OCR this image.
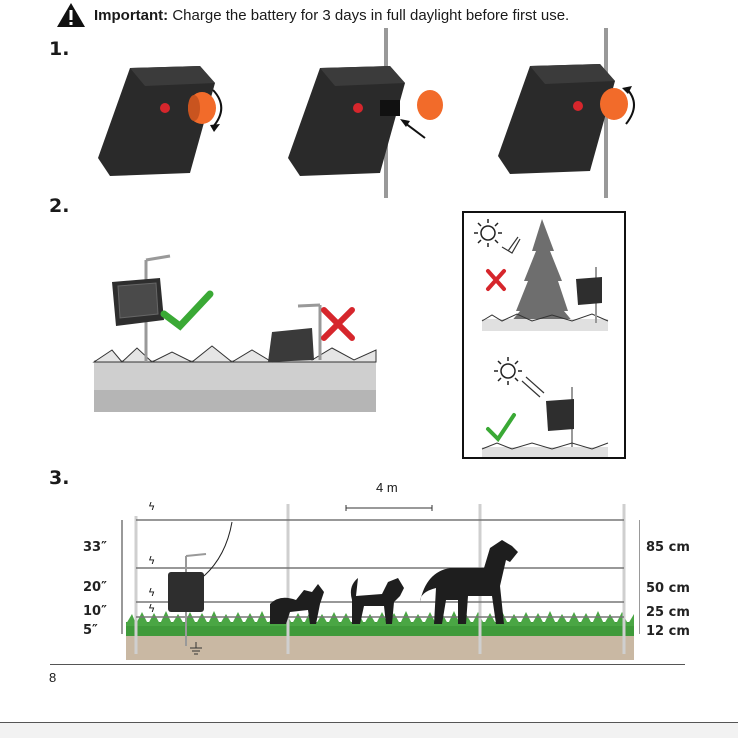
Important: Charge the battery for 3 days in full daylight before first use.
1.
2.
3.
ϟ
ϟ
ϟ
ϟ
4 m
33″
20″
10″
5″
85 cm
50 cm
25 cm
12 cm
8
